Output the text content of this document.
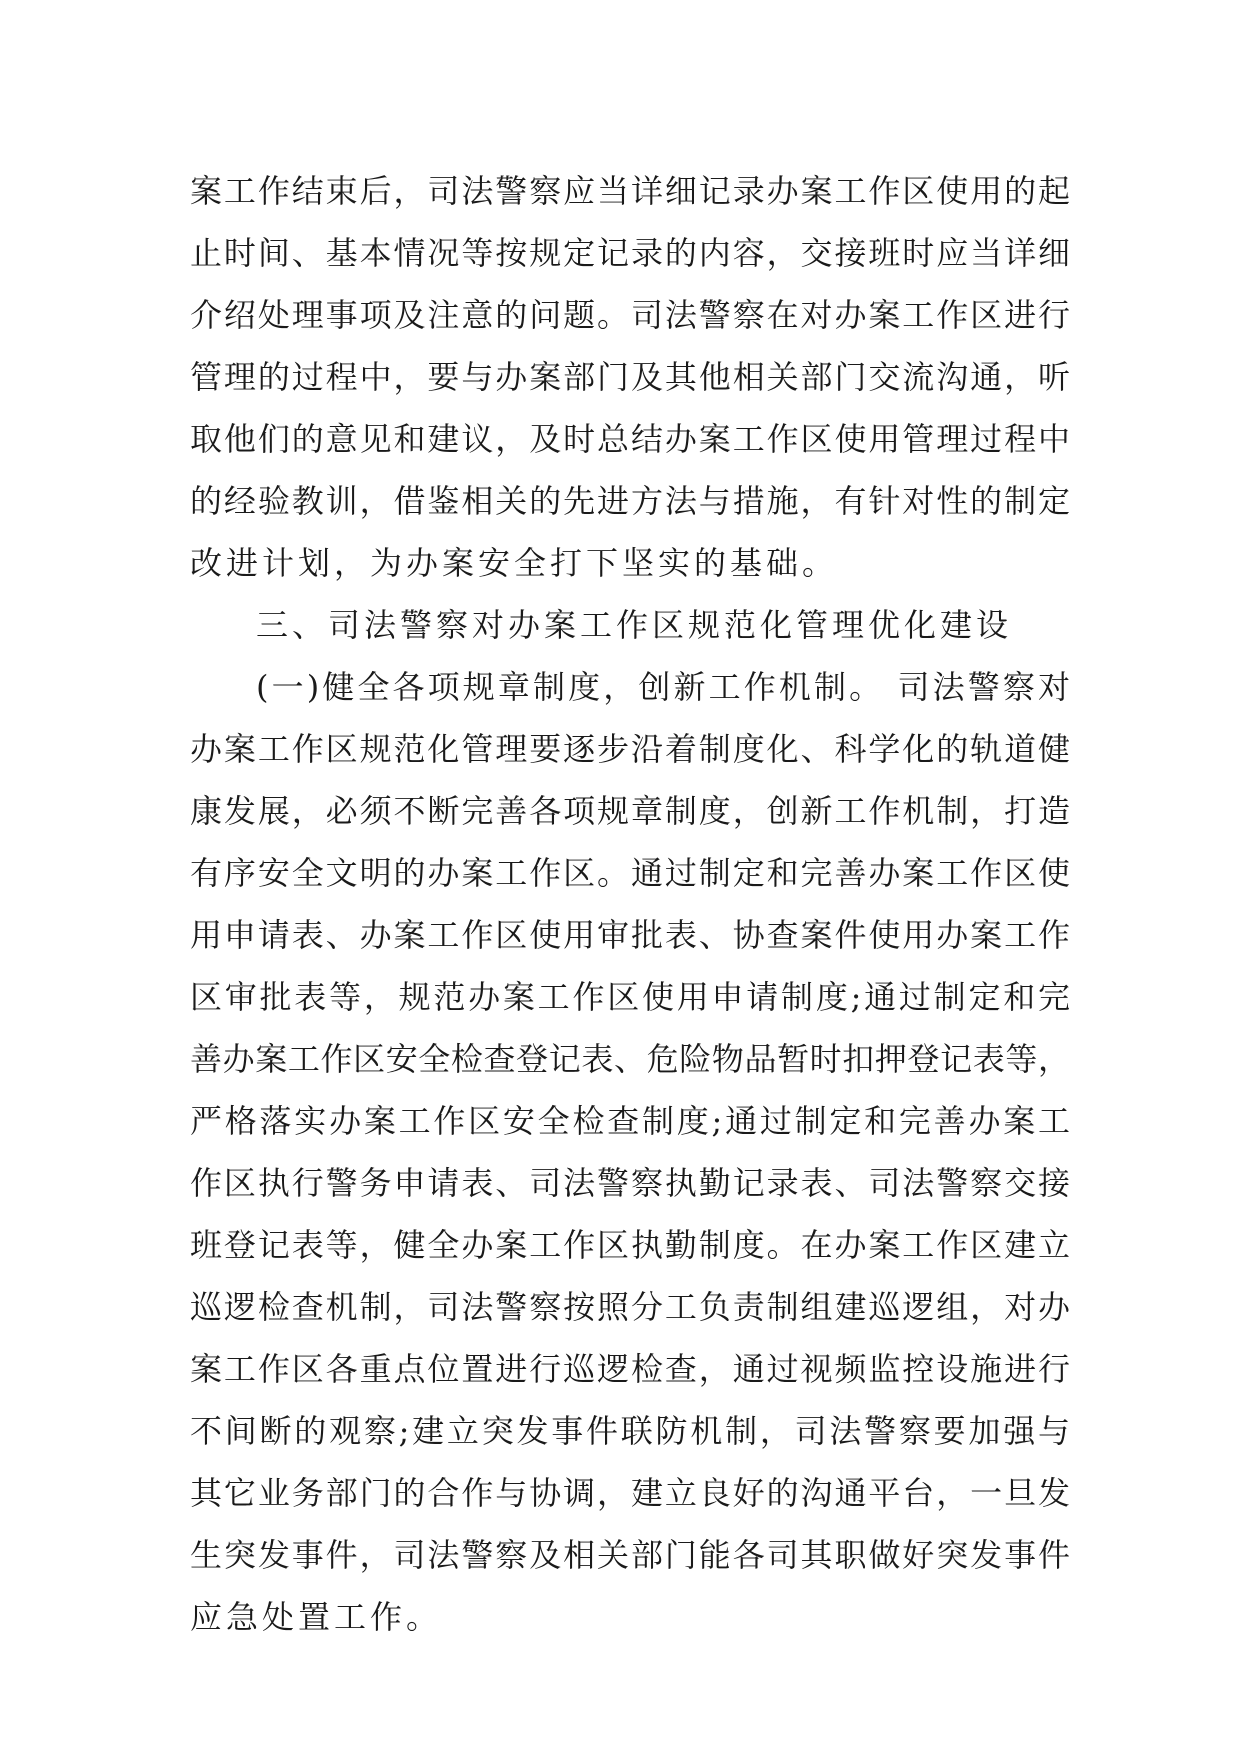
案工作结束后，司法警察应当详细记录办案工作区使用的起
止时间、基本情况等按规定记录的内容，交接班时应当详细
介绍处理事项及注意的问题。司法警察在对办案工作区进行
管理的过程中，要与办案部门及其他相关部门交流沟通，听
取他们的意见和建议，及时总结办案工作区使用管理过程中
的经验教训，借鉴相关的先进方法与措施，有针对性的制定
改进计划，为办案安全打下坚实的基础。
三、司法警察对办案工作区规范化管理优化建设
(一)健全各项规章制度，创新工作机制。 司法警察对
办案工作区规范化管理要逐步沿着制度化、科学化的轨道健
康发展，必须不断完善各项规章制度，创新工作机制，打造
有序安全文明的办案工作区。通过制定和完善办案工作区使
用申请表、办案工作区使用审批表、协查案件使用办案工作
区审批表等，规范办案工作区使用申请制度;通过制定和完
善办案工作区安全检查登记表、危险物品暂时扣押登记表等，
严格落实办案工作区安全检查制度;通过制定和完善办案工
作区执行警务申请表、司法警察执勤记录表、司法警察交接
班登记表等，健全办案工作区执勤制度。在办案工作区建立
巡逻检查机制，司法警察按照分工负责制组建巡逻组，对办
案工作区各重点位置进行巡逻检查，通过视频监控设施进行
不间断的观察;建立突发事件联防机制，司法警察要加强与
其它业务部门的合作与协调，建立良好的沟通平台，一旦发
生突发事件，司法警察及相关部门能各司其职做好突发事件
应急处置工作。
